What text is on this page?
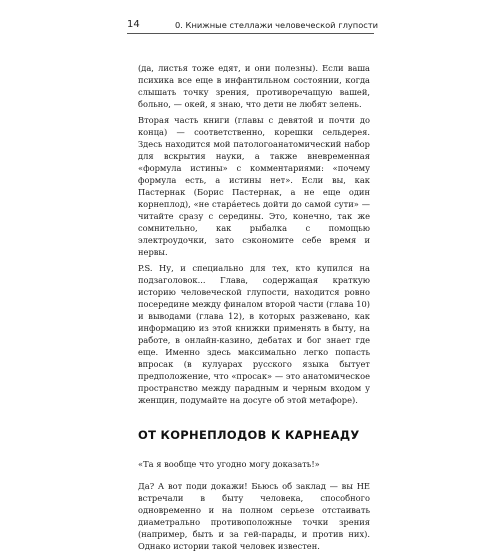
14	0. Книжные стеллажи человеческой глупости

(да, листья тоже едят, и они полезны). Если ваша психика все еще в инфантильном состоянии, когда слышать точку зрения, противоречащую вашей, больно, — окей, я знаю, что дети не любят зелень.

Вторая часть книги (главы с девятой и почти до конца) — соответственно, корешки сельдерея. Здесь находится мой патологоанатомический набор для вскрытия науки, а также вневременная «формула истины» с комментариями: «почему формула есть, а истины нет». Если вы, как Пастернак (Борис Пастернак, а не еще один корнеплод), «не старáетесь дойти до самой сути» — читайте сразу с середины. Это, конечно, так же сомнительно, как рыбалка с помощью электроудочки, зато сэкономите себе время и нервы.

P.S. Ну, и специально для тех, кто купился на подзаголовок... Глава, содержащая краткую историю человеческой глупости, находится ровно посередине между финалом второй части (глава 10) и выводами (глава 12), в которых разжевано, как информацию из этой книжки применять в быту, на работе, в онлайн-казино, дебатах и бог знает где еще. Именно здесь максимально легко попасть впросак (в кулуарах русского языка бытует предположение, что «просак» — это анатомическое пространство между парадным и черным входом у женщин, подумайте на досуге об этой метафоре).

ОТ КОРНЕПЛОДОВ К КАРНЕАДУ

«Та я вообще что угодно могу доказать!»

Да? А вот поди докажи! Бьюсь об заклад — вы НЕ встречали в быту человека, способного одновременно и на полном серьезе отстаивать диаметрально противоположные точки зрения (например, быть и за гей-парады, и против них). Однако истории такой человек известен.
